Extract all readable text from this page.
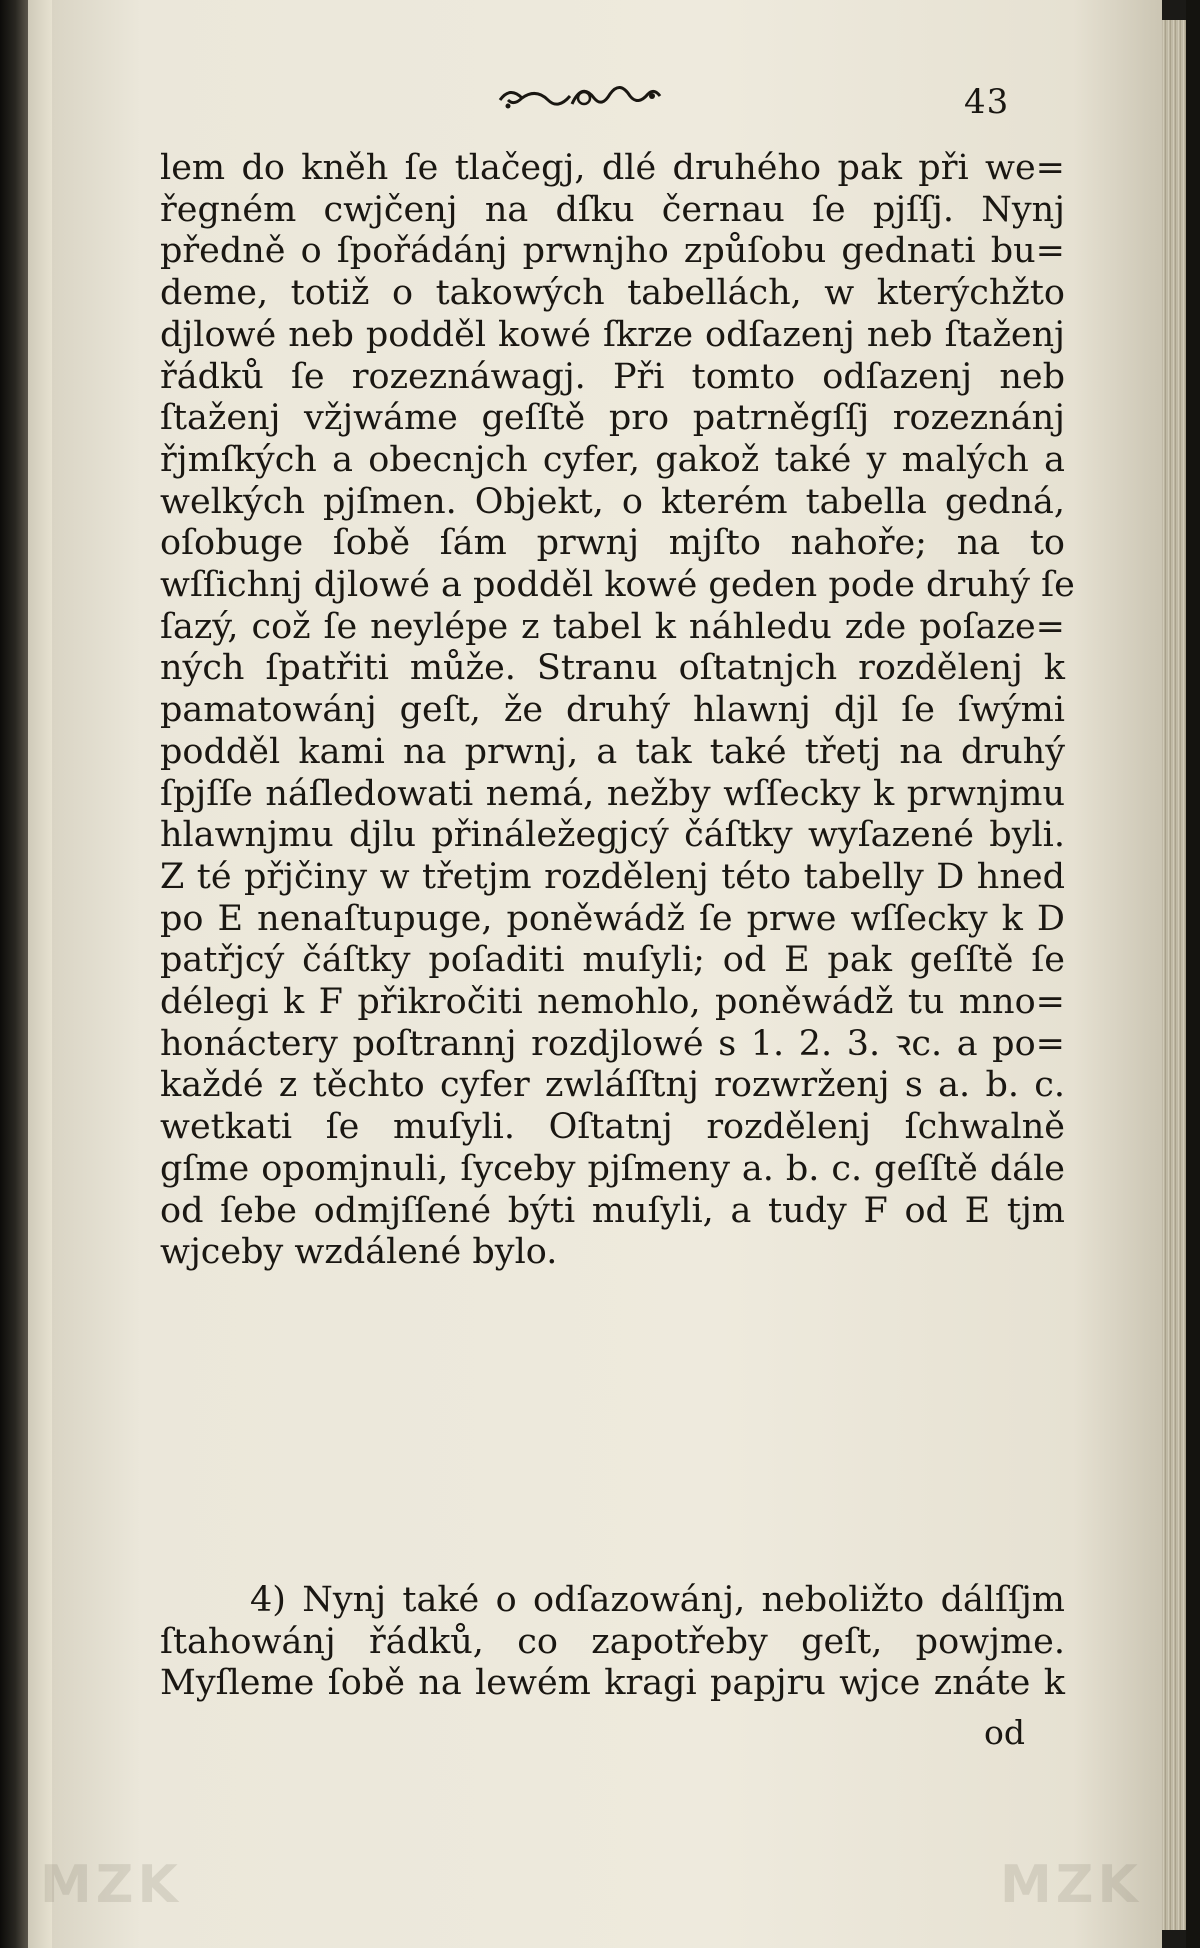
43
lem do kněh ſe tlačegj, dlé druhého pak při we=
řegném cwjčenj na dſku černau ſe pjſſj. Nynj
předně o ſpořádánj prwnjho způſobu gednati bu=
deme, totiž o takowých tabellách, w kterýchžto
djlowé neb podděl kowé ſkrze odſazenj neb ſtaženj
řádků ſe rozeznáwagj. Při tomto odſazenj neb
ſtaženj vžjwáme geſſtě pro patrněgſſj rozeznánj
řjmſkých a obecnjch cyfer, gakož také y malých a
welkých pjſmen. Objekt, o kterém tabella gedná,
oſobuge ſobě ſám prwnj mjſto nahoře; na to
wſſichnj djlowé a podděl kowé geden pode druhý ſe
ſazý, což ſe neylépe z tabel k náhledu zde poſaze=
ných ſpatřiti může. Stranu oſtatnjch rozdělenj k
pamatowánj geſt, že druhý hlawnj djl ſe ſwými
podděl kami na prwnj, a tak také třetj na druhý
ſpjſſe náſledowati nemá, nežby wſſecky k prwnjmu
hlawnjmu djlu přináležegjcý čáſtky wyſazené byli.
Z té přjčiny w třetjm rozdělenj této tabelly D hned
po E nenaſtupuge, poněwádž ſe prwe wſſecky k D
patřjcý čáſtky poſaditi muſyli; od E pak geſſtě ſe
délegi k F přikročiti nemohlo, poněwádž tu mno=
honáctery poſtrannj rozdjlowé s 1. 2. 3. ꝛc. a po=
každé z těchto cyfer zwláſſtnj rozwrženj s a. b. c.
wetkati ſe muſyli. Oſtatnj rozdělenj ſchwalně
gſme opomjnuli, ſyceby pjſmeny a. b. c. geſſtě dále
od ſebe odmjſſené býti muſyli, a tudy F od E tjm
wjceby wzdálené bylo.
4) Nynj také o odſazowánj, neboližto dálſſjm
ſtahowánj řádků, co zapotřeby geſt, powjme.
Myſleme ſobě na lewém kragi papjru wjce znáte k
od
MZK	MZK
